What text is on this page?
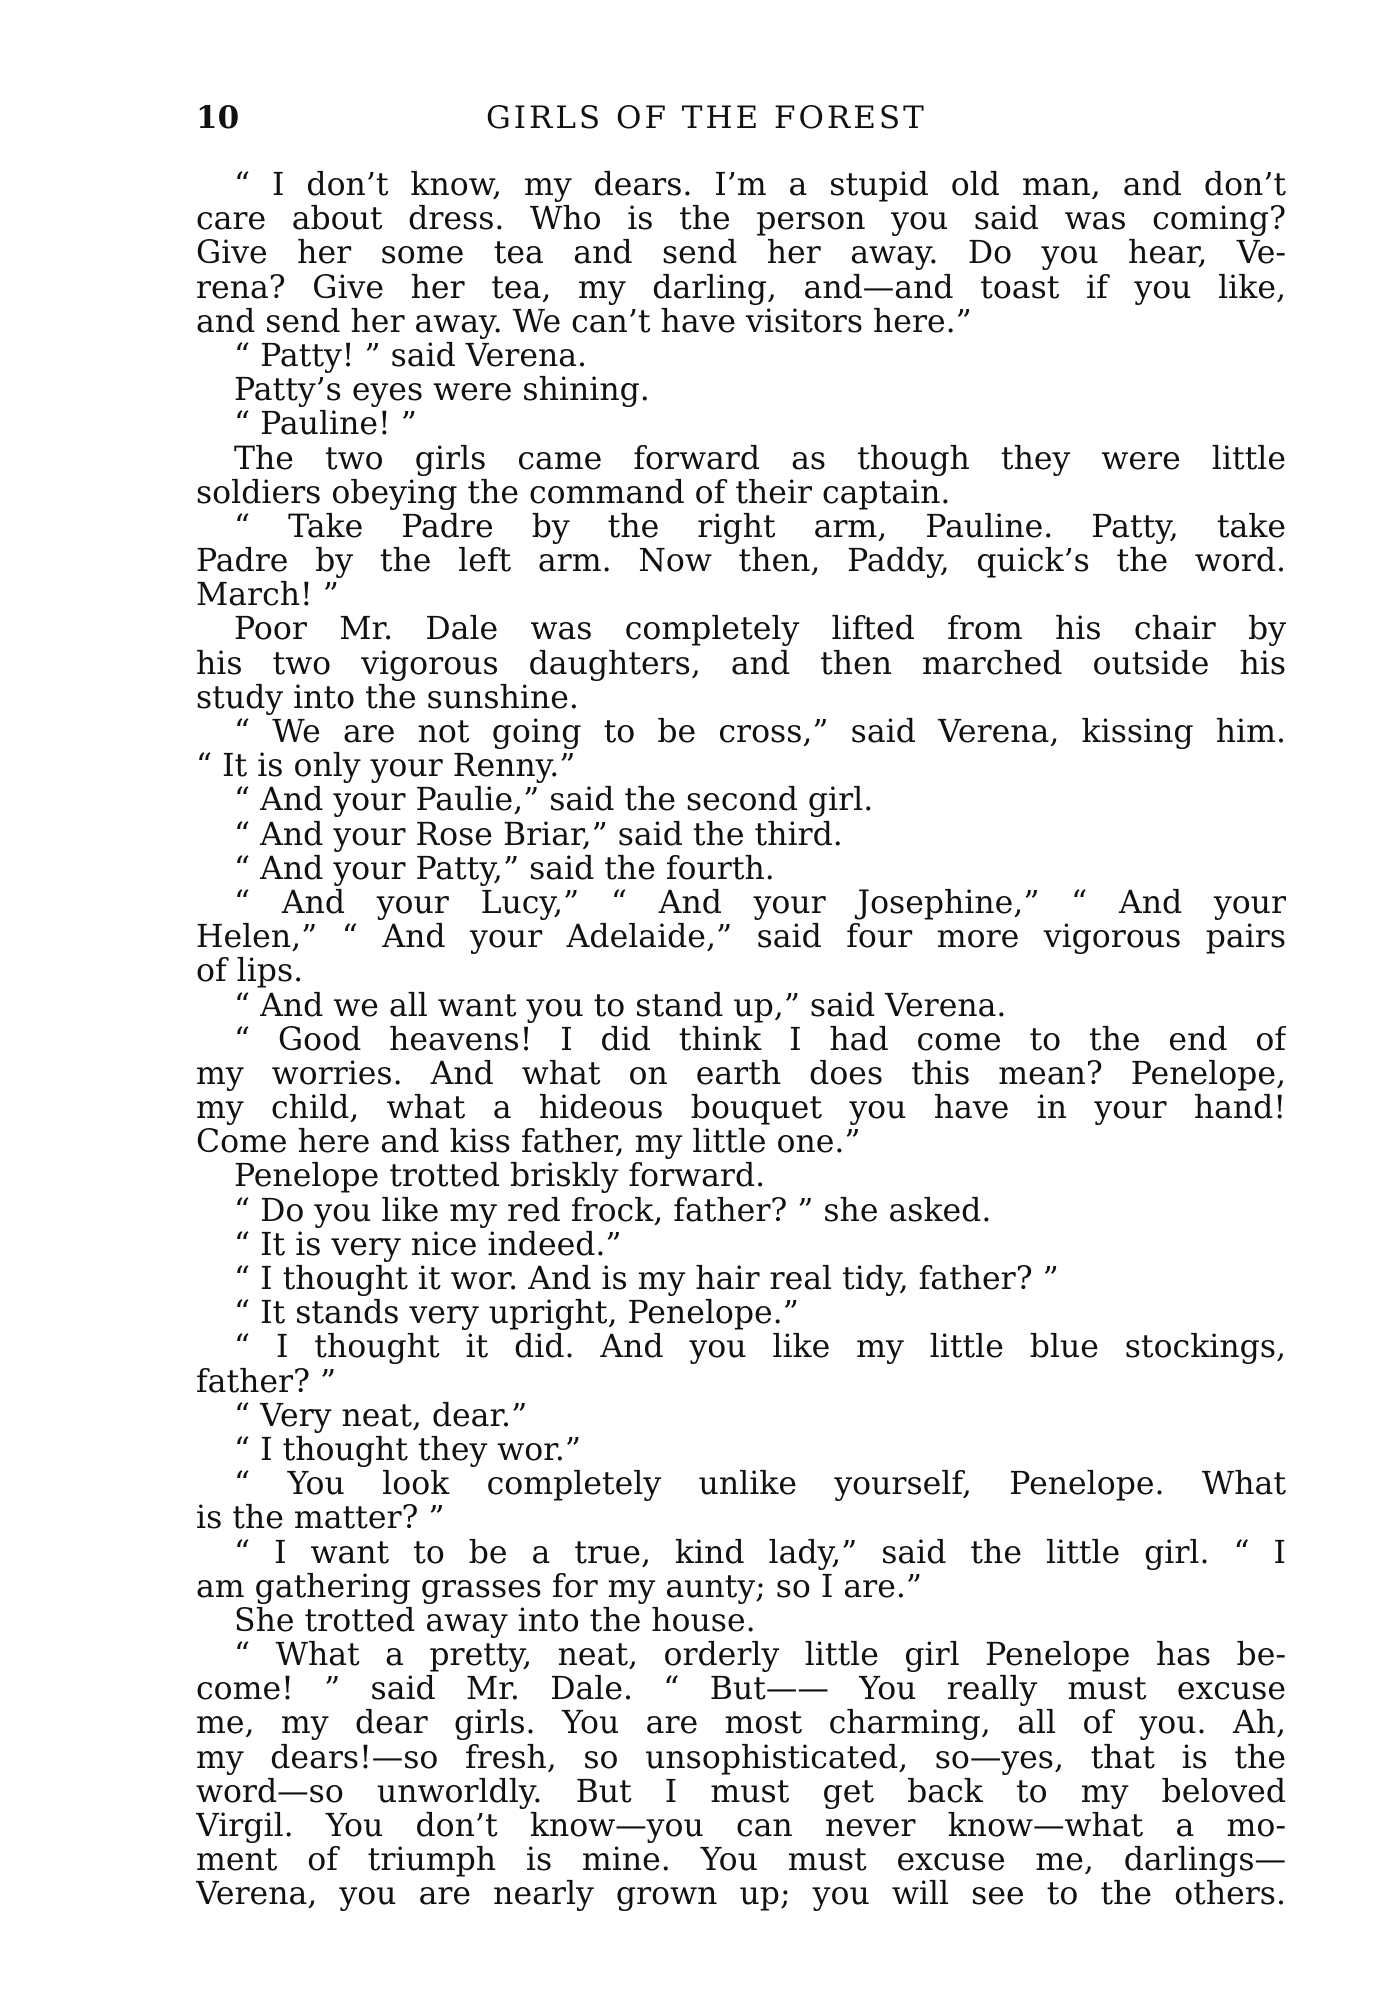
10	GIRLS OF THE FOREST
“ I don’t know, my dears. I’m a stupid old man, and don’t
care about dress. Who is the person you said was coming?
Give her some tea and send her away. Do you hear, Ve-
rena? Give her tea, my darling, and—and toast if you like,
and send her away. We can’t have visitors here.”
“ Patty! ” said Verena.
Patty’s eyes were shining.
“ Pauline! ”
The two girls came forward as though they were little
soldiers obeying the command of their captain.
“ Take Padre by the right arm, Pauline. Patty, take
Padre by the left arm. Now then, Paddy, quick’s the word.
March! ”
Poor Mr. Dale was completely lifted from his chair by
his two vigorous daughters, and then marched outside his
study into the sunshine.
“ We are not going to be cross,” said Verena, kissing him.
“ It is only your Renny.”
“ And your Paulie,” said the second girl.
“ And your Rose Briar,” said the third.
“ And your Patty,” said the fourth.
“ And your Lucy,” “ And your Josephine,” “ And your
Helen,” “ And your Adelaide,” said four more vigorous pairs
of lips.
“ And we all want you to stand up,” said Verena.
“ Good heavens! I did think I had come to the end of
my worries. And what on earth does this mean? Penelope,
my child, what a hideous bouquet you have in your hand!
Come here and kiss father, my little one.”
Penelope trotted briskly forward.
“ Do you like my red frock, father? ” she asked.
“ It is very nice indeed.”
“ I thought it wor. And is my hair real tidy, father? ”
“ It stands very upright, Penelope.”
“ I thought it did. And you like my little blue stockings,
father? ”
“ Very neat, dear.”
“ I thought they wor.”
“ You look completely unlike yourself, Penelope. What
is the matter? ”
“ I want to be a true, kind lady,” said the little girl. “ I
am gathering grasses for my aunty; so I are.”
She trotted away into the house.
“ What a pretty, neat, orderly little girl Penelope has be-
come! ” said Mr. Dale. “ But—— You really must excuse
me, my dear girls. You are most charming, all of you. Ah,
my dears!—so fresh, so unsophisticated, so—yes, that is the
word—so unworldly. But I must get back to my beloved
Virgil. You don’t know—you can never know—what a mo-
ment of triumph is mine. You must excuse me, darlings—
Verena, you are nearly grown up; you will see to the others.
